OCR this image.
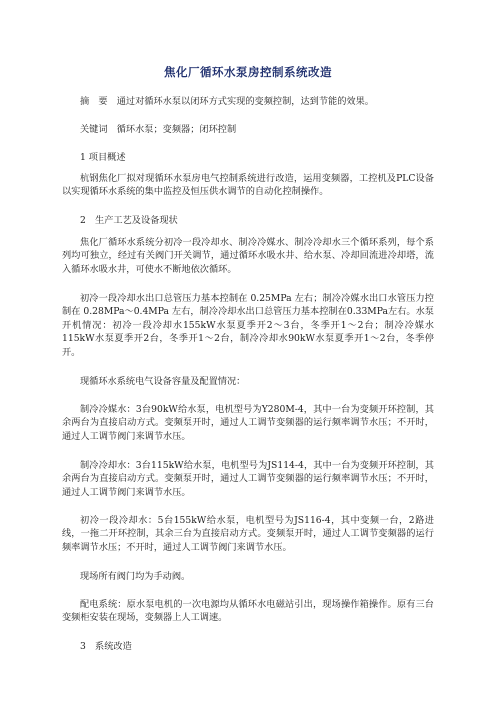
焦化厂循环水泵房控制系统改造

摘　要　通过对循环水泵以闭环方式实现的变频控制，达到节能的效果。

关键词　循环水泵；变频器；闭环控制

1 项目概述

杭钢焦化厂拟对现循环水泵房电气控制系统进行改造，运用变频器，工控机及PLC设备以实现循环水系统的集中监控及恒压供水调节的自动化控制操作。

2　生产工艺及设备现状

焦化厂循环水系统分初冷一段冷却水、制冷冷媒水、制冷冷却水三个循环系列，每个系列均可独立，经过有关阀门开关调节，通过循环水吸水井、给水泵、冷却回流进冷却塔，流入循环水吸水井，可使水不断地依次循环。

初冷一段冷却水出口总管压力基本控制在 0.25MPa 左右；制冷冷媒水出口水管压力控制在 0.28MPa～0.4MPa 左右，制冷冷却水出口总管压力基本控制在0.33MPa左右。水泵开机情况：初冷一段冷却水155kW水泵夏季开2～3台，冬季开1～2台；制冷冷媒水115kW水泵夏季开2台，冬季开1～2台，制冷冷却水90kW水泵夏季开1～2台，冬季停开。

现循环水系统电气设备容量及配置情况：

制冷冷媒水：3台90kW给水泵，电机型号为Y280M-4，其中一台为变频开环控制，其余两台为直接启动方式。变频泵开时，通过人工调节变频器的运行频率调节水压；不开时，通过人工调节阀门来调节水压。

制冷冷却水：3台115kW给水泵，电机型号为JS114-4，其中一台为变频开环控制，其余两台为直接启动方式。变频泵开时，通过人工调节变频器的运行频率调节水压；不开时，通过人工调节阀门来调节水压。

初冷一段冷却水：5台155kW给水泵，电机型号为JS116-4，其中变频一台，2路进线，一拖二开环控制，其余三台为直接启动方式。变频泵开时，通过人工调节变频器的运行频率调节水压；不开时，通过人工调节阀门来调节水压。

现场所有阀门均为手动阀。

配电系统：原水泵电机的一次电源均从循环水电磁站引出，现场操作箱操作。原有三台变频柜安装在现场，变频器上人工调速。

3　系统改造
